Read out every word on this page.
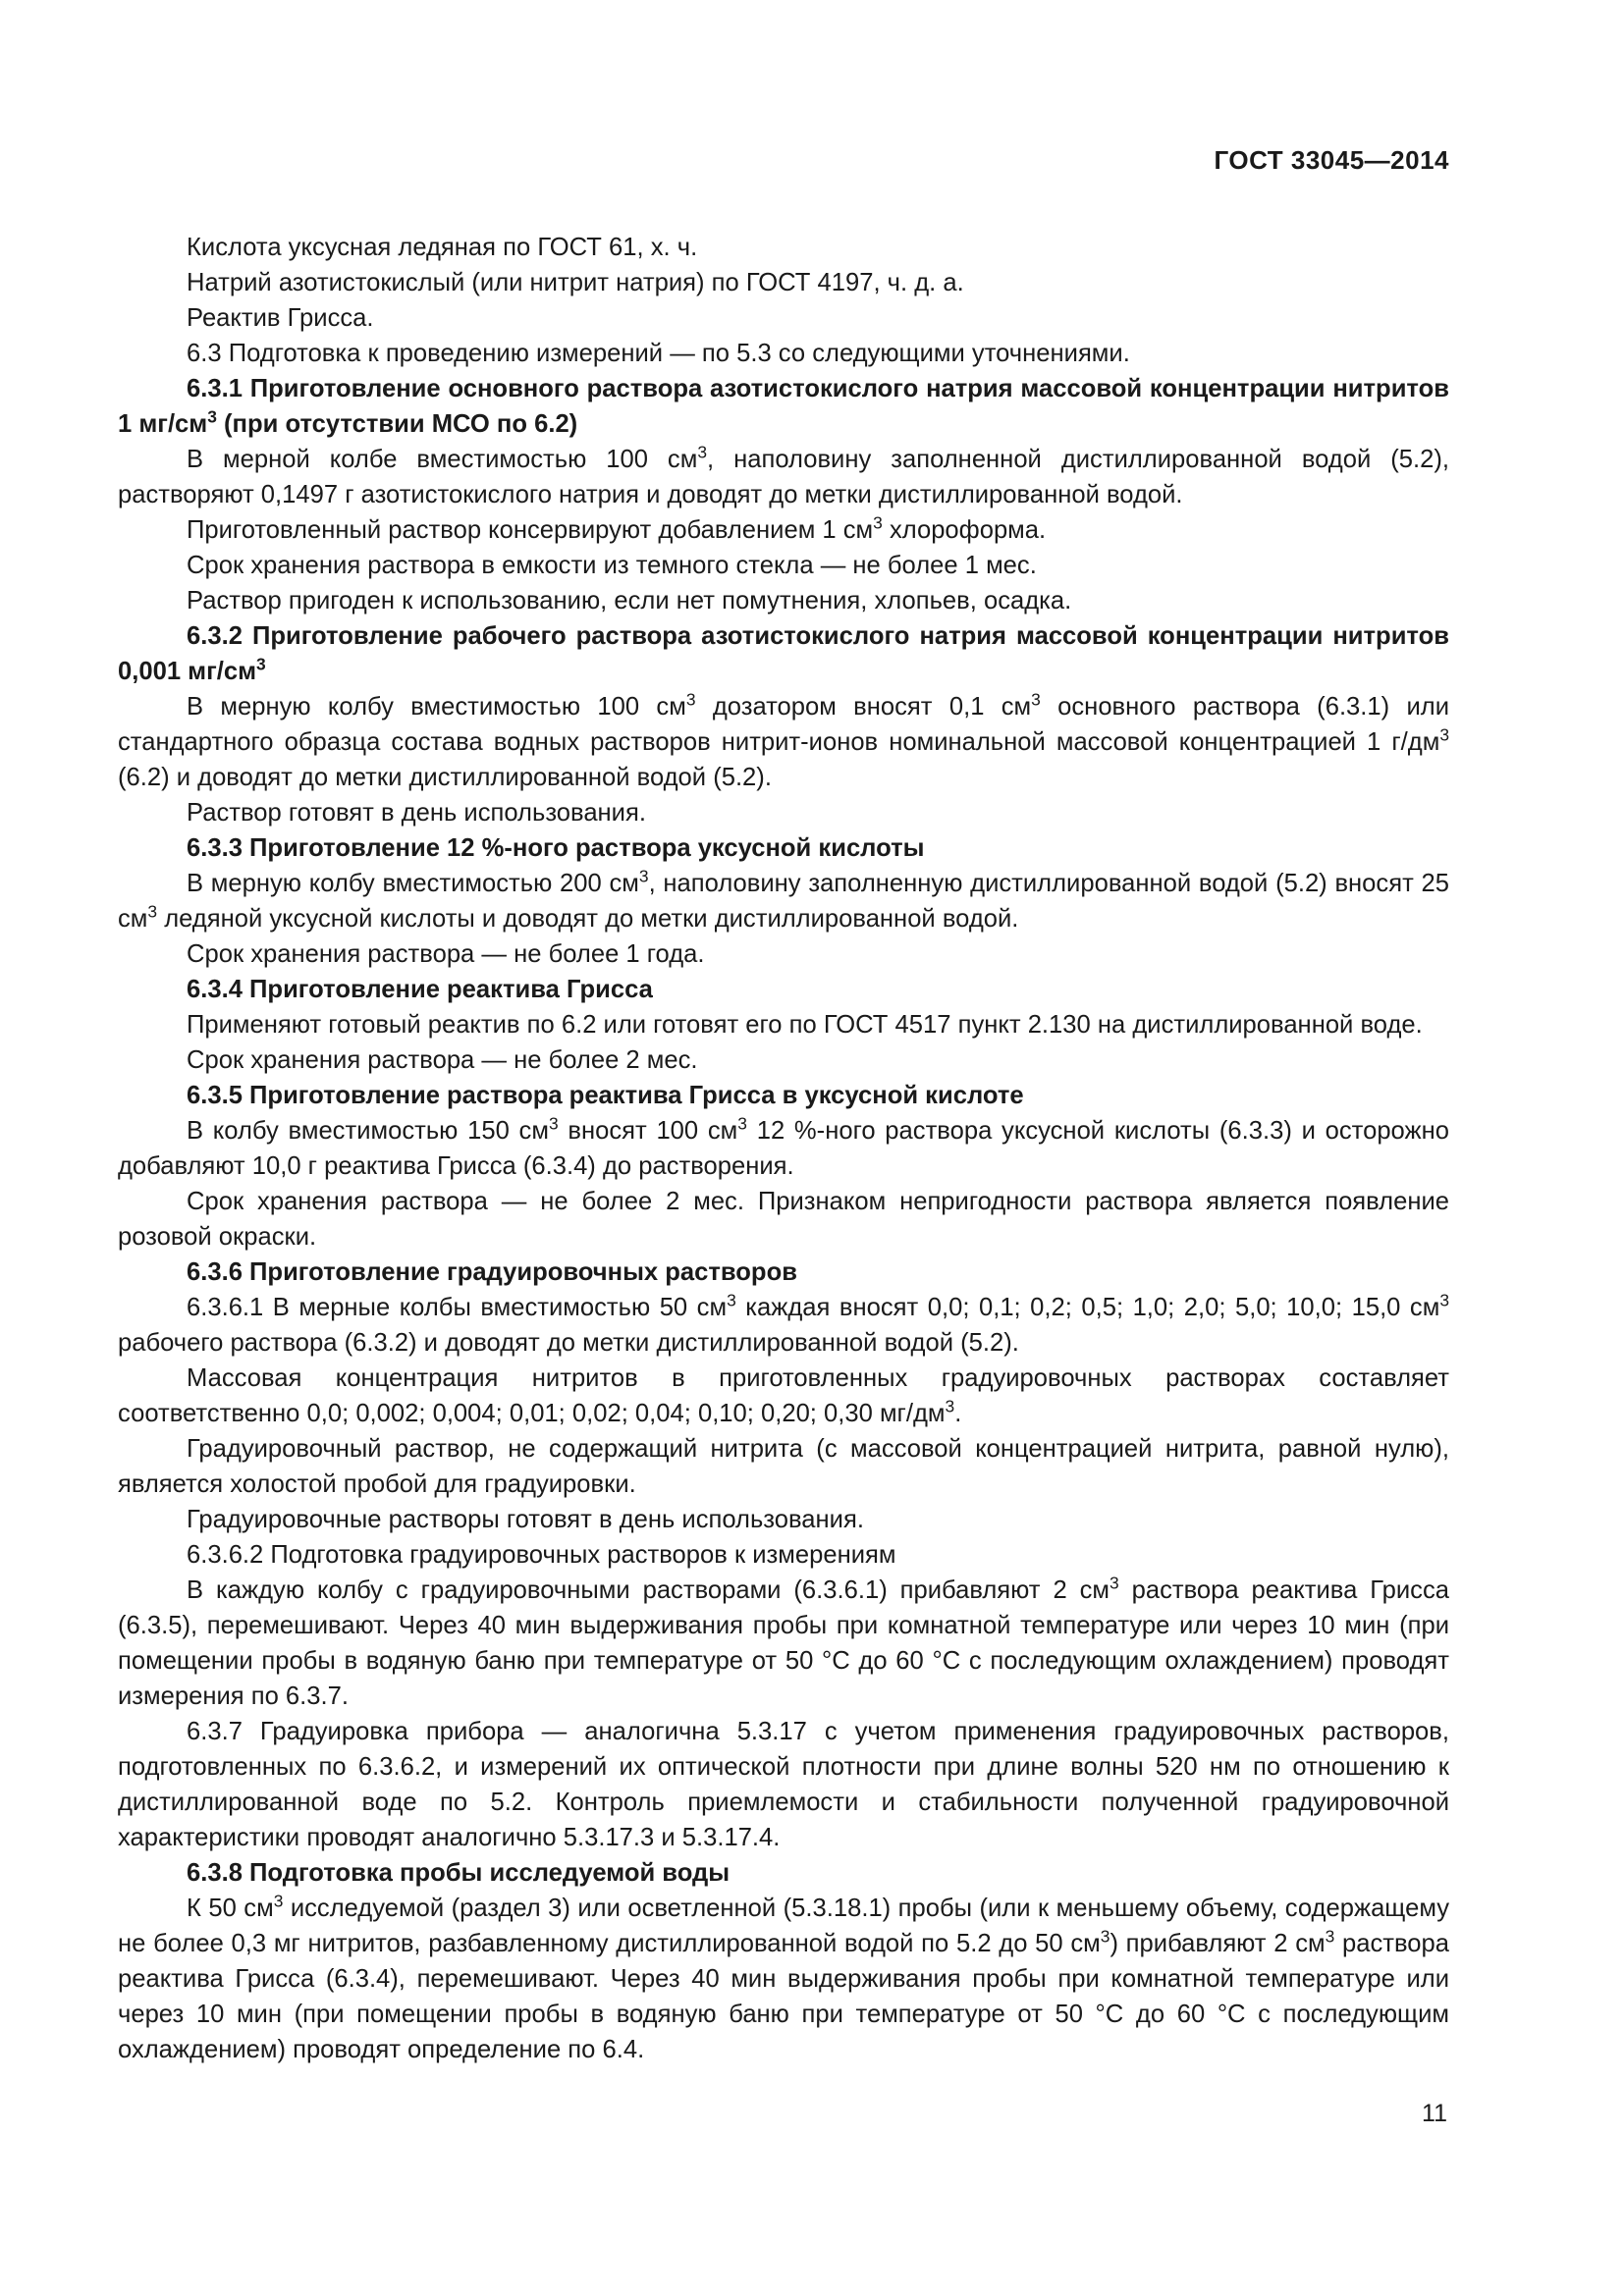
ГОСТ 33045—2014

Кислота уксусная ледяная по ГОСТ 61, х. ч.

Натрий азотистокислый (или нитрит натрия) по ГОСТ 4197, ч. д. а.

Реактив Грисса.

6.3 Подготовка к проведению измерений — по 5.3 со следующими уточнениями.

6.3.1 Приготовление основного раствора азотистокислого натрия массовой концентрации нитритов 1 $мг/см^3$ (при отсутствии МСО по 6.2)

В мерной колбе вместимостью 100 $см^3$, наполовину заполненной дистиллированной водой (5.2), растворяют 0,1497 г азотистокислого натрия и доводят до метки дистиллированной водой.

Приготовленный раствор консервируют добавлением 1 $см^3$ хлороформа.

Срок хранения раствора в емкости из темного стекла — не более 1 мес.

Раствор пригоден к использованию, если нет помутнения, хлопьев, осадка.

6.3.2 Приготовление рабочего раствора азотистокислого натрия массовой концентрации нитритов 0,001 $мг/см^3$

В мерную колбу вместимостью 100 $см^3$ дозатором вносят 0,1 $см^3$ основного раствора (6.3.1) или стандартного образца состава водных растворов нитрит-ионов номинальной массовой концентрацией 1 $г/дм^3$ (6.2) и доводят до метки дистиллированной водой (5.2).

Раствор готовят в день использования.

6.3.3 Приготовление 12 %-ного раствора уксусной кислоты

В мерную колбу вместимостью 200 $см^3$, наполовину заполненную дистиллированной водой (5.2) вносят 25 $см^3$ ледяной уксусной кислоты и доводят до метки дистиллированной водой.

Срок хранения раствора — не более 1 года.

6.3.4 Приготовление реактива Грисса

Применяют готовый реактив по 6.2 или готовят его по ГОСТ 4517 пункт 2.130 на дистиллированной воде.

Срок хранения раствора — не более 2 мес.

6.3.5 Приготовление раствора реактива Грисса в уксусной кислоте

В колбу вместимостью 150 $см^3$ вносят 100 $см^3$ 12 %-ного раствора уксусной кислоты (6.3.3) и осторожно добавляют 10,0 г реактива Грисса (6.3.4) до растворения.

Срок хранения раствора — не более 2 мес. Признаком непригодности раствора является появление розовой окраски.

6.3.6 Приготовление градуировочных растворов

6.3.6.1 В мерные колбы вместимостью 50 $см^3$ каждая вносят 0,0; 0,1; 0,2; 0,5; 1,0; 2,0; 5,0; 10,0; 15,0 $см^3$ рабочего раствора (6.3.2) и доводят до метки дистиллированной водой (5.2).

Массовая концентрация нитритов в приготовленных градуировочных растворах составляет соответственно 0,0; 0,002; 0,004; 0,01; 0,02; 0,04; 0,10; 0,20; 0,30 $мг/дм^3$.

Градуировочный раствор, не содержащий нитрита (с массовой концентрацией нитрита, равной нулю), является холостой пробой для градуировки.

Градуировочные растворы готовят в день использования.

6.3.6.2 Подготовка градуировочных растворов к измерениям

В каждую колбу с градуировочными растворами (6.3.6.1) прибавляют 2 $см^3$ раствора реактива Грисса (6.3.5), перемешивают. Через 40 мин выдерживания пробы при комнатной температуре или через 10 мин (при помещении пробы в водяную баню при температуре от 50 °С до 60 °С с последующим охлаждением) проводят измерения по 6.3.7.

6.3.7 Градуировка прибора — аналогична 5.3.17 с учетом применения градуировочных растворов, подготовленных по 6.3.6.2, и измерений их оптической плотности при длине волны 520 нм по отношению к дистиллированной воде по 5.2. Контроль приемлемости и стабильности полученной градуировочной характеристики проводят аналогично 5.3.17.3 и 5.3.17.4.

6.3.8 Подготовка пробы исследуемой воды

К 50 $см^3$ исследуемой (раздел 3) или осветленной (5.3.18.1) пробы (или к меньшему объему, содержащему не более 0,3 мг нитритов, разбавленному дистиллированной водой по 5.2 до 50 $см^3$) прибавляют 2 $см^3$ раствора реактива Грисса (6.3.4), перемешивают. Через 40 мин выдерживания пробы при комнатной температуре или через 10 мин (при помещении пробы в водяную баню при температуре от 50 °С до 60 °С с последующим охлаждением) проводят определение по 6.4.

11
